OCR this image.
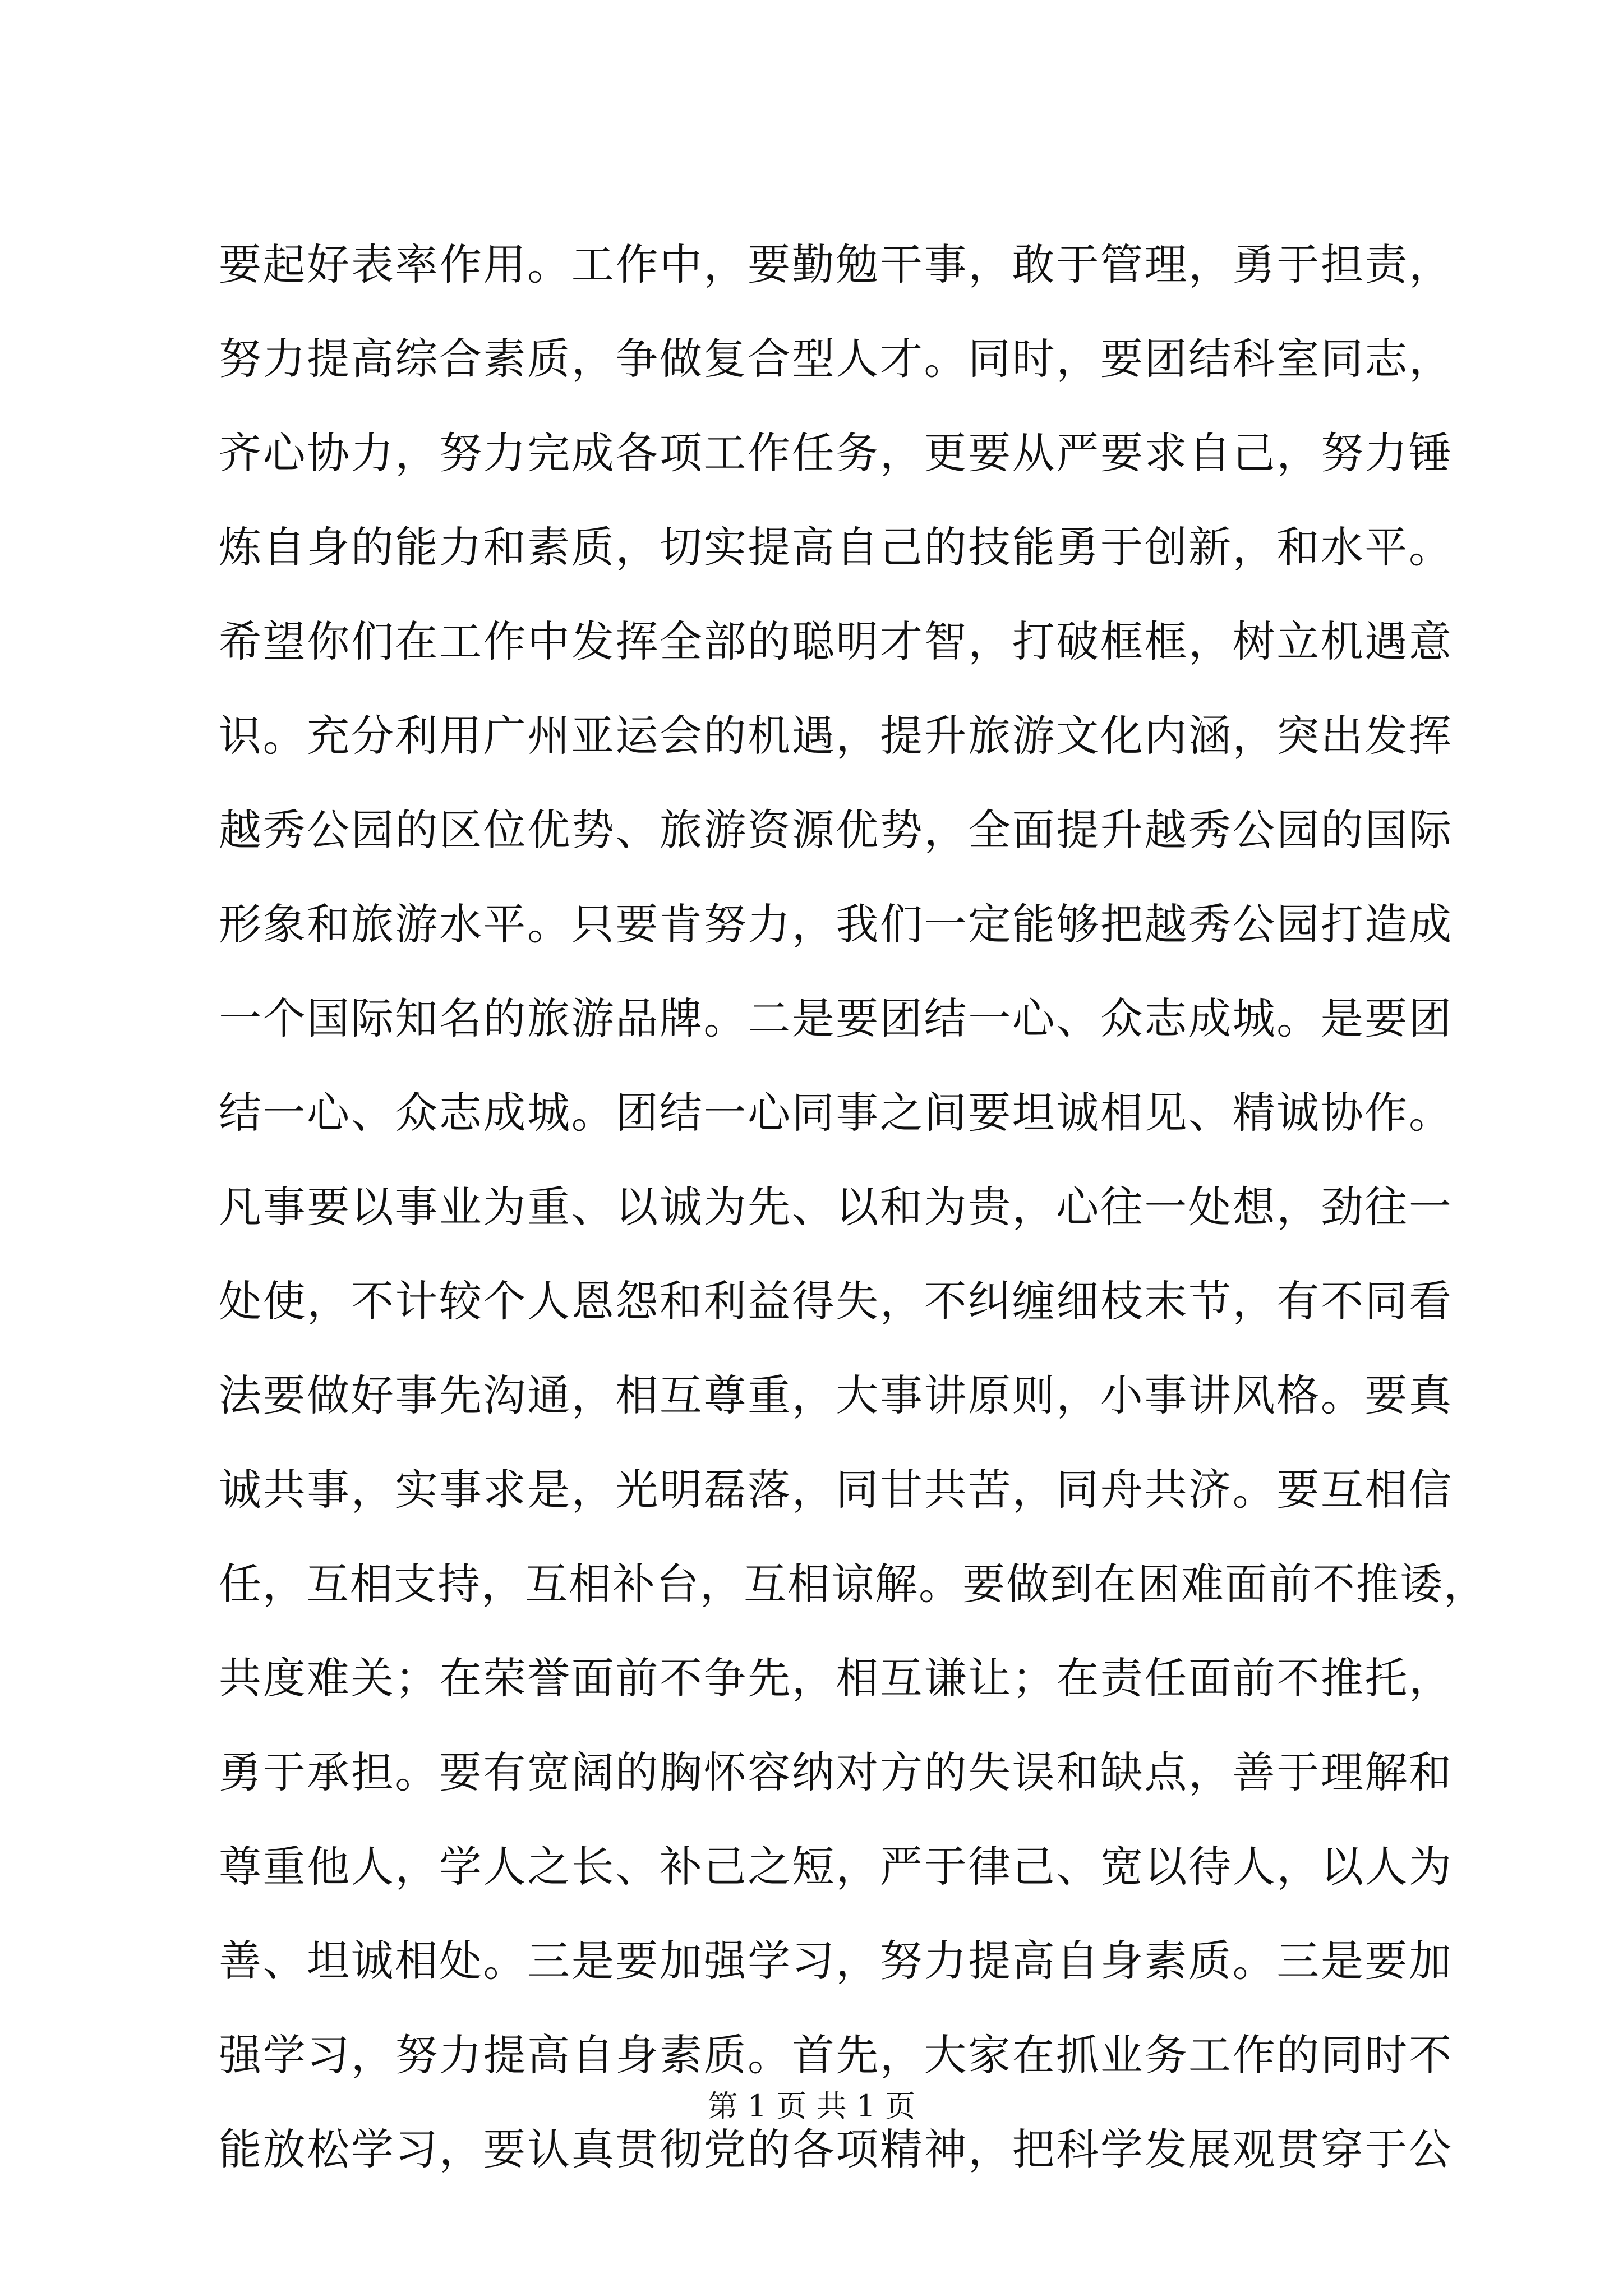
要起好表率作用。工作中，要勤勉干事，敢于管理，勇于担责，
努力提高综合素质，争做复合型人才。同时，要团结科室同志，
齐心协力，努力完成各项工作任务，更要从严要求自己，努力锤
炼自身的能力和素质，切实提高自己的技能勇于创新，和水平。
希望你们在工作中发挥全部的聪明才智，打破框框，树立机遇意
识。充分利用广州亚运会的机遇，提升旅游文化内涵，突出发挥
越秀公园的区位优势、旅游资源优势，全面提升越秀公园的国际
形象和旅游水平。只要肯努力，我们一定能够把越秀公园打造成
一个国际知名的旅游品牌。二是要团结一心、众志成城。是要团
结一心、众志成城。团结一心同事之间要坦诚相见、精诚协作。
凡事要以事业为重、以诚为先、以和为贵，心往一处想，劲往一
处使，不计较个人恩怨和利益得失，不纠缠细枝末节，有不同看
法要做好事先沟通，相互尊重，大事讲原则，小事讲风格。要真
诚共事，实事求是，光明磊落，同甘共苦，同舟共济。要互相信
任，互相支持，互相补台，互相谅解。要做到在困难面前不推诿，
共度难关；在荣誉面前不争先，相互谦让；在责任面前不推托，
勇于承担。要有宽阔的胸怀容纳对方的失误和缺点，善于理解和
尊重他人，学人之长、补己之短，严于律己、宽以待人，以人为
善、坦诚相处。三是要加强学习，努力提高自身素质。三是要加
强学习，努力提高自身素质。首先，大家在抓业务工作的同时不
能放松学习，要认真贯彻党的各项精神，把科学发展观贯穿于公
第 1 页 共 1 页
